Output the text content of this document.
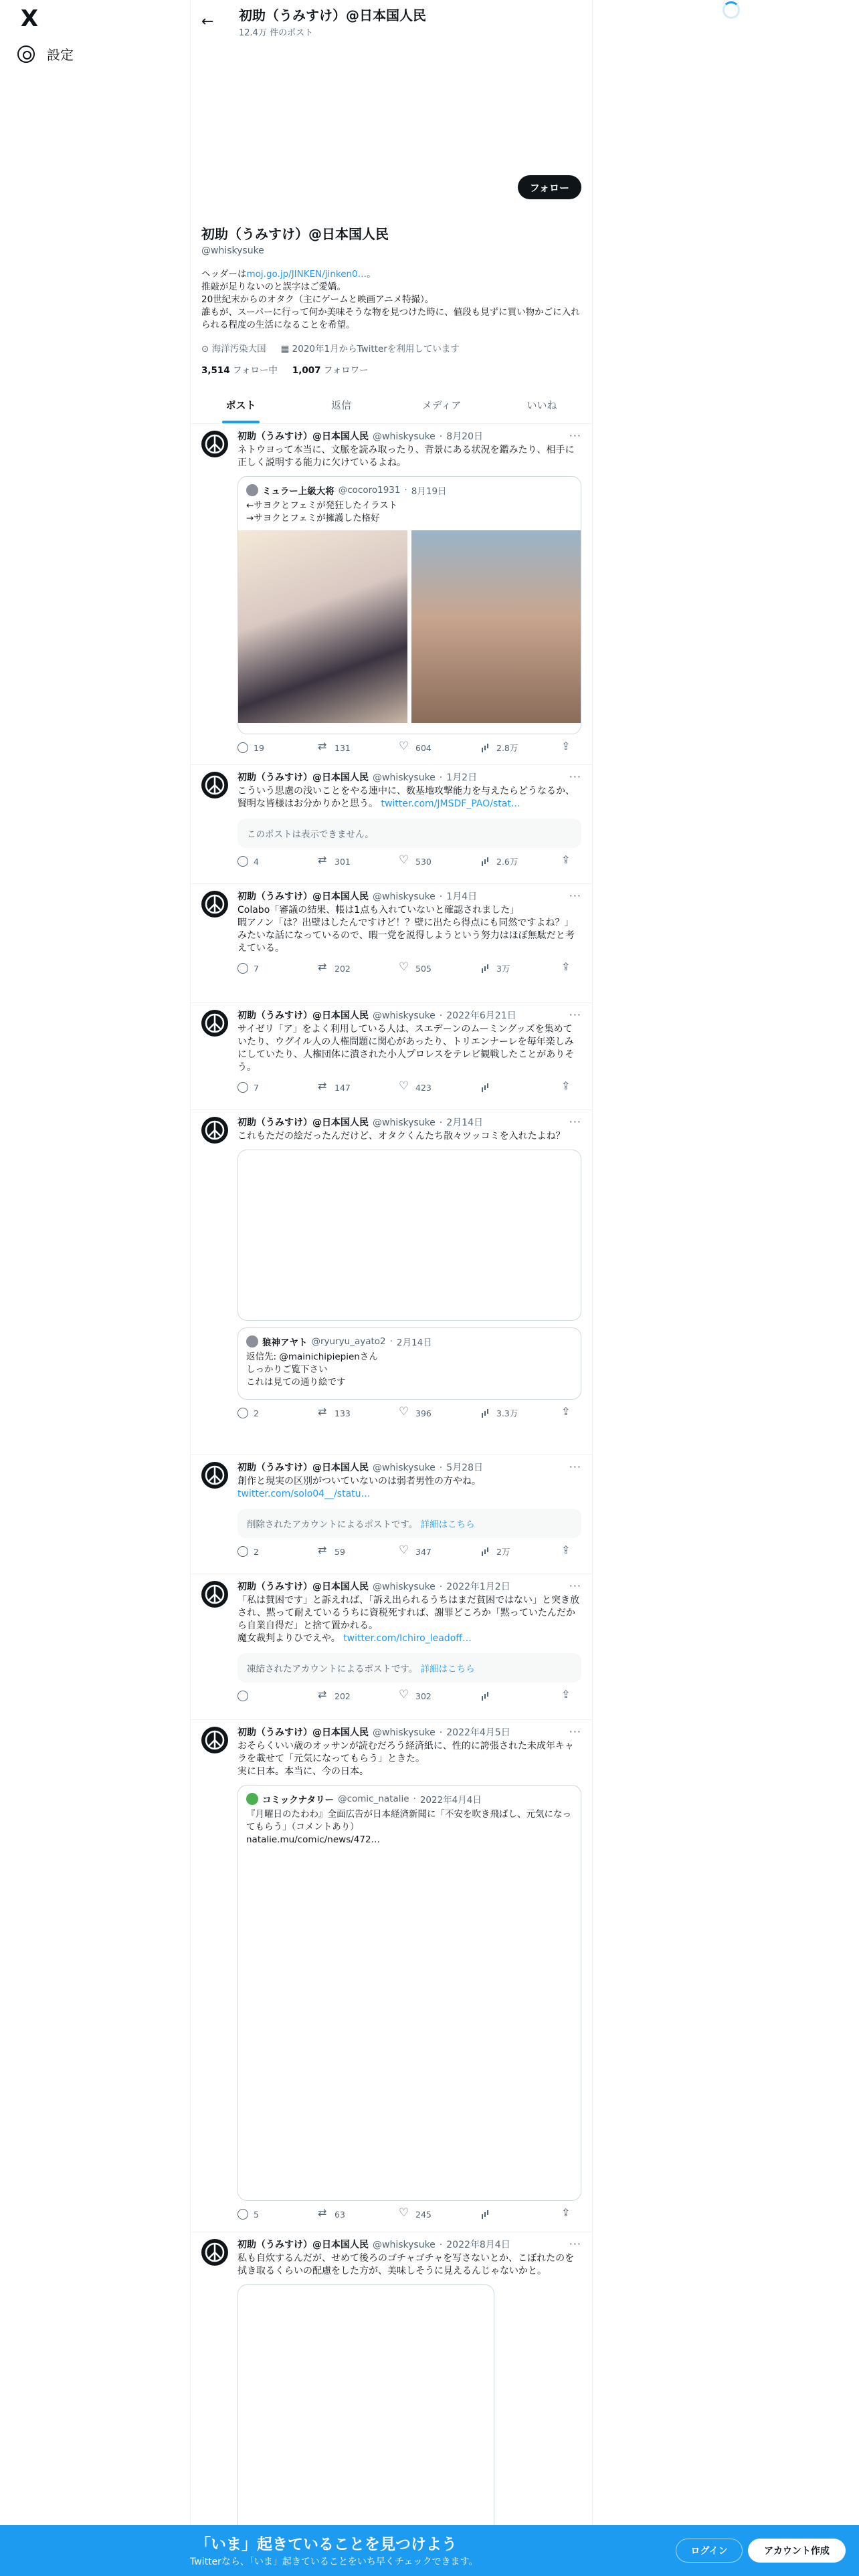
X
設定
←	初助（うみすけ）@日本国人民
12.4万 件のポスト
フォロー
初助（うみすけ）@日本国人民
@whiskysuke
ヘッダーはmoj.go.jp/JINKEN/jinken0…。
推敲が足りないのと誤字はご愛嬌。
20世紀末からのオタク（主にゲームと映画アニメ特撮）。
誰もが、スーパーに行って何か美味そうな物を見つけた時に、値段も見ずに買い物かごに入れられる程度の生活になることを希望。
⊙ 海洋汚染大国 ▦ 2020年1月からTwitterを利用しています
3,514 フォロー中 1,007 フォロワー
ポスト	返信	メディア	いいね
初助（うみすけ）@日本国人民 @whiskysuke · 8月20日	···
ネトウヨって本当に、文脈を読み取ったり、背景にある状況を鑑みたり、相手に正しく説明する能力に欠けているよね。
ミュラー上級大将 @cocoro1931 · 8月19日
←サヨクとフェミが発狂したイラスト
→サヨクとフェミが擁護した格好
19 ⇄	131 ♡	604	2.8万
⇪
初助（うみすけ）@日本国人民 @whiskysuke · 1月2日	···
こういう思慮の浅いことをやる連中に、数基地攻撃能力を与えたらどうなるか、賢明な皆様はお分かりかと思う。 twitter.com/JMSDF_PAO/stat…
このポストは表示できません。
4 ⇄	301 ♡	530	2.6万
⇪
初助（うみすけ）@日本国人民 @whiskysuke · 1月4日	···
Colabo「審議の結果、帳は1点も入れていないと確認されました」
暇アノン「は？出壁はしたんですけど！？壁に出たら得点にも同然ですよね？」
みたいな話になっているので、暇一党を説得しようという努力はほぼ無駄だと考えている。
7 ⇄	202 ♡	505	3万
⇪
初助（うみすけ）@日本国人民 @whiskysuke · 2022年6月21日	···
サイゼリ「ア」をよく利用している人は、スエデーンのムーミングッズを集めていたり、ウグイル人の人権問題に関心があったり、トリエンナーレを毎年楽しみにしていたり、人権団体に潰された小人プロレスをテレビ観戦したことがありそう。
7 ⇄	147 ♡	423
⇪
初助（うみすけ）@日本国人民 @whiskysuke · 2月14日	···
これもただの絵だったんだけど、オタクくんたち散々ツッコミを入れたよね？
狼神アヤト @ryuryu_ayato2 · 2月14日
返信先: @mainichipiepienさん
しっかりご覧下さい
これは見ての通り絵です
2 ⇄	133 ♡	396	3.3万
⇪
初助（うみすけ）@日本国人民 @whiskysuke · 5月28日	···
創作と現実の区別がついていないのは弱者男性の方やね。
twitter.com/solo04__/statu…
削除されたアカウントによるポストです。 詳細はこちら
2 ⇄	59 ♡	347	2万
⇪
初助（うみすけ）@日本国人民 @whiskysuke · 2022年1月2日	···
「私は賛困です」と訴えれば、「訴え出られるうちはまだ貧困ではない」と突き放され、黙って耐えているうちに資税死すれば、謝罪どころか「黙っていたんだから自業自得だ」と捨て置かれる。
魔女裁判よりひでえや。 twitter.com/Ichiro_leadoff…
凍結されたアカウントによるポストです。 詳細はこちら
⇄
202 ♡	302
⇪
初助（うみすけ）@日本国人民 @whiskysuke · 2022年4月5日	···
おそらくいい歳のオッサンが読むだろう経済紙に、性的に誇張された未成年キャラを載せて「元気になってもらう」ときた。
実に日本。本当に、今の日本。
コミックナタリー @comic_natalie · 2022年4月4日
『月曜日のたわわ』全面広告が日本経済新聞に「不安を吹き飛ばし、元気になってもらう」（コメントあり）
natalie.mu/comic/news/472…
5 ⇄	63 ♡	245
⇪
初助（うみすけ）@日本国人民 @whiskysuke · 2022年8月4日	···
私も自炊するんだが、せめて後ろのゴチャゴチャを写さないとか、こぼれたのを拭き取るくらいの配慮をした方が、美味しそうに見えるんじゃないかと。
「いま」起きていることを見つけよう
Twitterなら、「いま」起きていることをいち早くチェックできます。
ログイン	アカウント作成
